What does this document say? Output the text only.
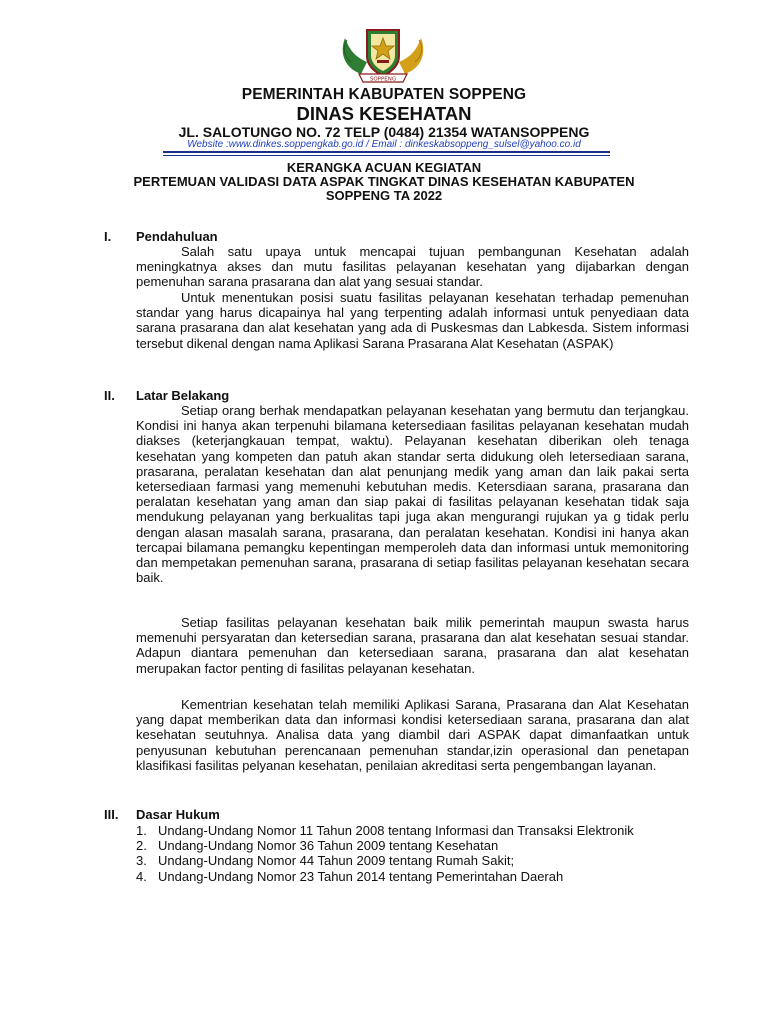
SOPPENG
PEMERINTAH KABUPATEN SOPPENG
DINAS KESEHATAN
JL. SALOTUNGO NO. 72 TELP (0484) 21354 WATANSOPPENG
Website :www.dinkes.soppengkab.go.id / Email : dinkeskabsoppeng_sulsel@yahoo.co.id
KERANGKA ACUAN KEGIATAN
PERTEMUAN VALIDASI DATA ASPAK TINGKAT DINAS KESEHATAN KABUPATEN
SOPPENG TA 2022
I. Pendahuluan

Salah satu upaya untuk mencapai tujuan pembangunan Kesehatan adalah meningkatnya akses dan mutu fasilitas pelayanan kesehatan yang dijabarkan dengan pemenuhan sarana prasarana dan alat yang sesuai standar.

Untuk menentukan posisi suatu fasilitas pelayanan kesehatan terhadap pemenuhan standar yang harus dicapainya hal yang terpenting adalah informasi untuk penyediaan data sarana prasarana dan alat kesehatan yang ada di Puskesmas dan Labkesda. Sistem informasi tersebut dikenal dengan nama Aplikasi Sarana Prasarana Alat Kesehatan (ASPAK)

II. Latar Belakang

Setiap orang berhak mendapatkan pelayanan kesehatan yang bermutu dan terjangkau. Kondisi ini hanya akan terpenuhi bilamana ketersediaan fasilitas pelayanan kesehatan mudah diakses (keterjangkauan tempat, waktu). Pelayanan kesehatan diberikan oleh tenaga kesehatan yang kompeten dan patuh akan standar serta didukung oleh letersediaan sarana, prasarana, peralatan kesehatan dan alat penunjang medik yang aman dan laik pakai serta ketersediaan farmasi yang memenuhi kebutuhan medis. Ketersdiaan sarana, prasarana dan peralatan kesehatan yang aman dan siap pakai di fasilitas pelayanan kesehatan tidak saja mendukung pelayanan yang berkualitas tapi juga akan mengurangi rujukan ya g tidak perlu dengan alasan masalah sarana, prasarana, dan peralatan kesehatan. Kondisi ini hanya akan tercapai bilamana pemangku kepentingan memperoleh data dan informasi untuk memonitoring dan mempetakan pemenuhan sarana, prasarana di setiap fasilitas pelayanan kesehatan secara baik.

Setiap fasilitas pelayanan kesehatan baik milik pemerintah maupun swasta harus memenuhi persyaratan dan ketersedian sarana, prasarana dan alat kesehatan sesuai standar. Adapun diantara pemenuhan dan ketersediaan sarana, prasarana dan alat kesehatan merupakan factor penting di fasilitas pelayanan kesehatan.

Kementrian kesehatan telah memiliki Aplikasi Sarana, Prasarana dan Alat Kesehatan yang dapat memberikan data dan informasi kondisi ketersediaan sarana, prasarana dan alat kesehatan seutuhnya. Analisa data yang diambil dari ASPAK dapat dimanfaatkan untuk penyusunan kebutuhan perencanaan pemenuhan standar,izin operasional dan penetapan klasifikasi fasilitas pelyanan kesehatan, penilaian akreditasi serta pengembangan layanan.

III. Dasar Hukum
1. Undang-Undang Nomor 11 Tahun 2008 tentang Informasi dan Transaksi Elektronik
2. Undang-Undang Nomor 36 Tahun 2009 tentang Kesehatan
3. Undang-Undang Nomor 44 Tahun 2009 tentang Rumah Sakit;
4. Undang-Undang Nomor 23 Tahun 2014 tentang Pemerintahan Daerah
